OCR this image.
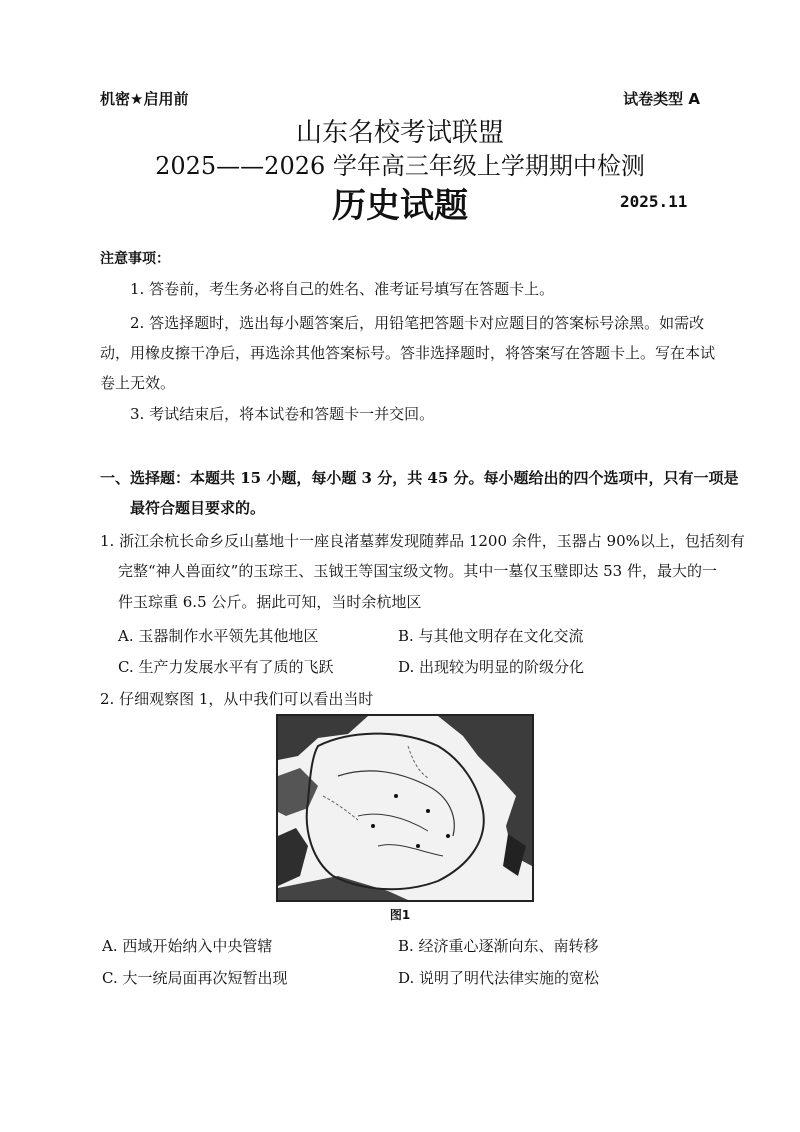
机密★启用前	试卷类型 A
山东名校考试联盟
2025——2026 学年高三年级上学期期中检测
历史试题	2025.11
注意事项：
1. 答卷前，考生务必将自己的姓名、准考证号填写在答题卡上。
2. 答选择题时，选出每小题答案后，用铅笔把答题卡对应题目的答案标号涂黑。如需改
动，用橡皮擦干净后，再选涂其他答案标号。答非选择题时，将答案写在答题卡上。写在本试
卷上无效。
3. 考试结束后，将本试卷和答题卡一并交回。
一、选择题：本题共 15 小题，每小题 3 分，共 45 分。每小题给出的四个选项中，只有一项是
最符合题目要求的。
1. 浙江余杭长命乡反山墓地十一座良渚墓葬发现随葬品 1200 余件，玉器占 90%以上，包括刻有
完整“神人兽面纹”的玉琮王、玉钺王等国宝级文物。其中一墓仅玉璧即达 53 件，最大的一
件玉琮重 6.5 公斤。据此可知，当时余杭地区
A. 玉器制作水平领先其他地区	B. 与其他文明存在文化交流
C. 生产力发展水平有了质的飞跃	D. 出现较为明显的阶级分化
2. 仔细观察图 1，从中我们可以看出当时
图1
A. 西域开始纳入中央管辖	B. 经济重心逐渐向东、南转移
C. 大一统局面再次短暂出现	D. 说明了明代法律实施的宽松
